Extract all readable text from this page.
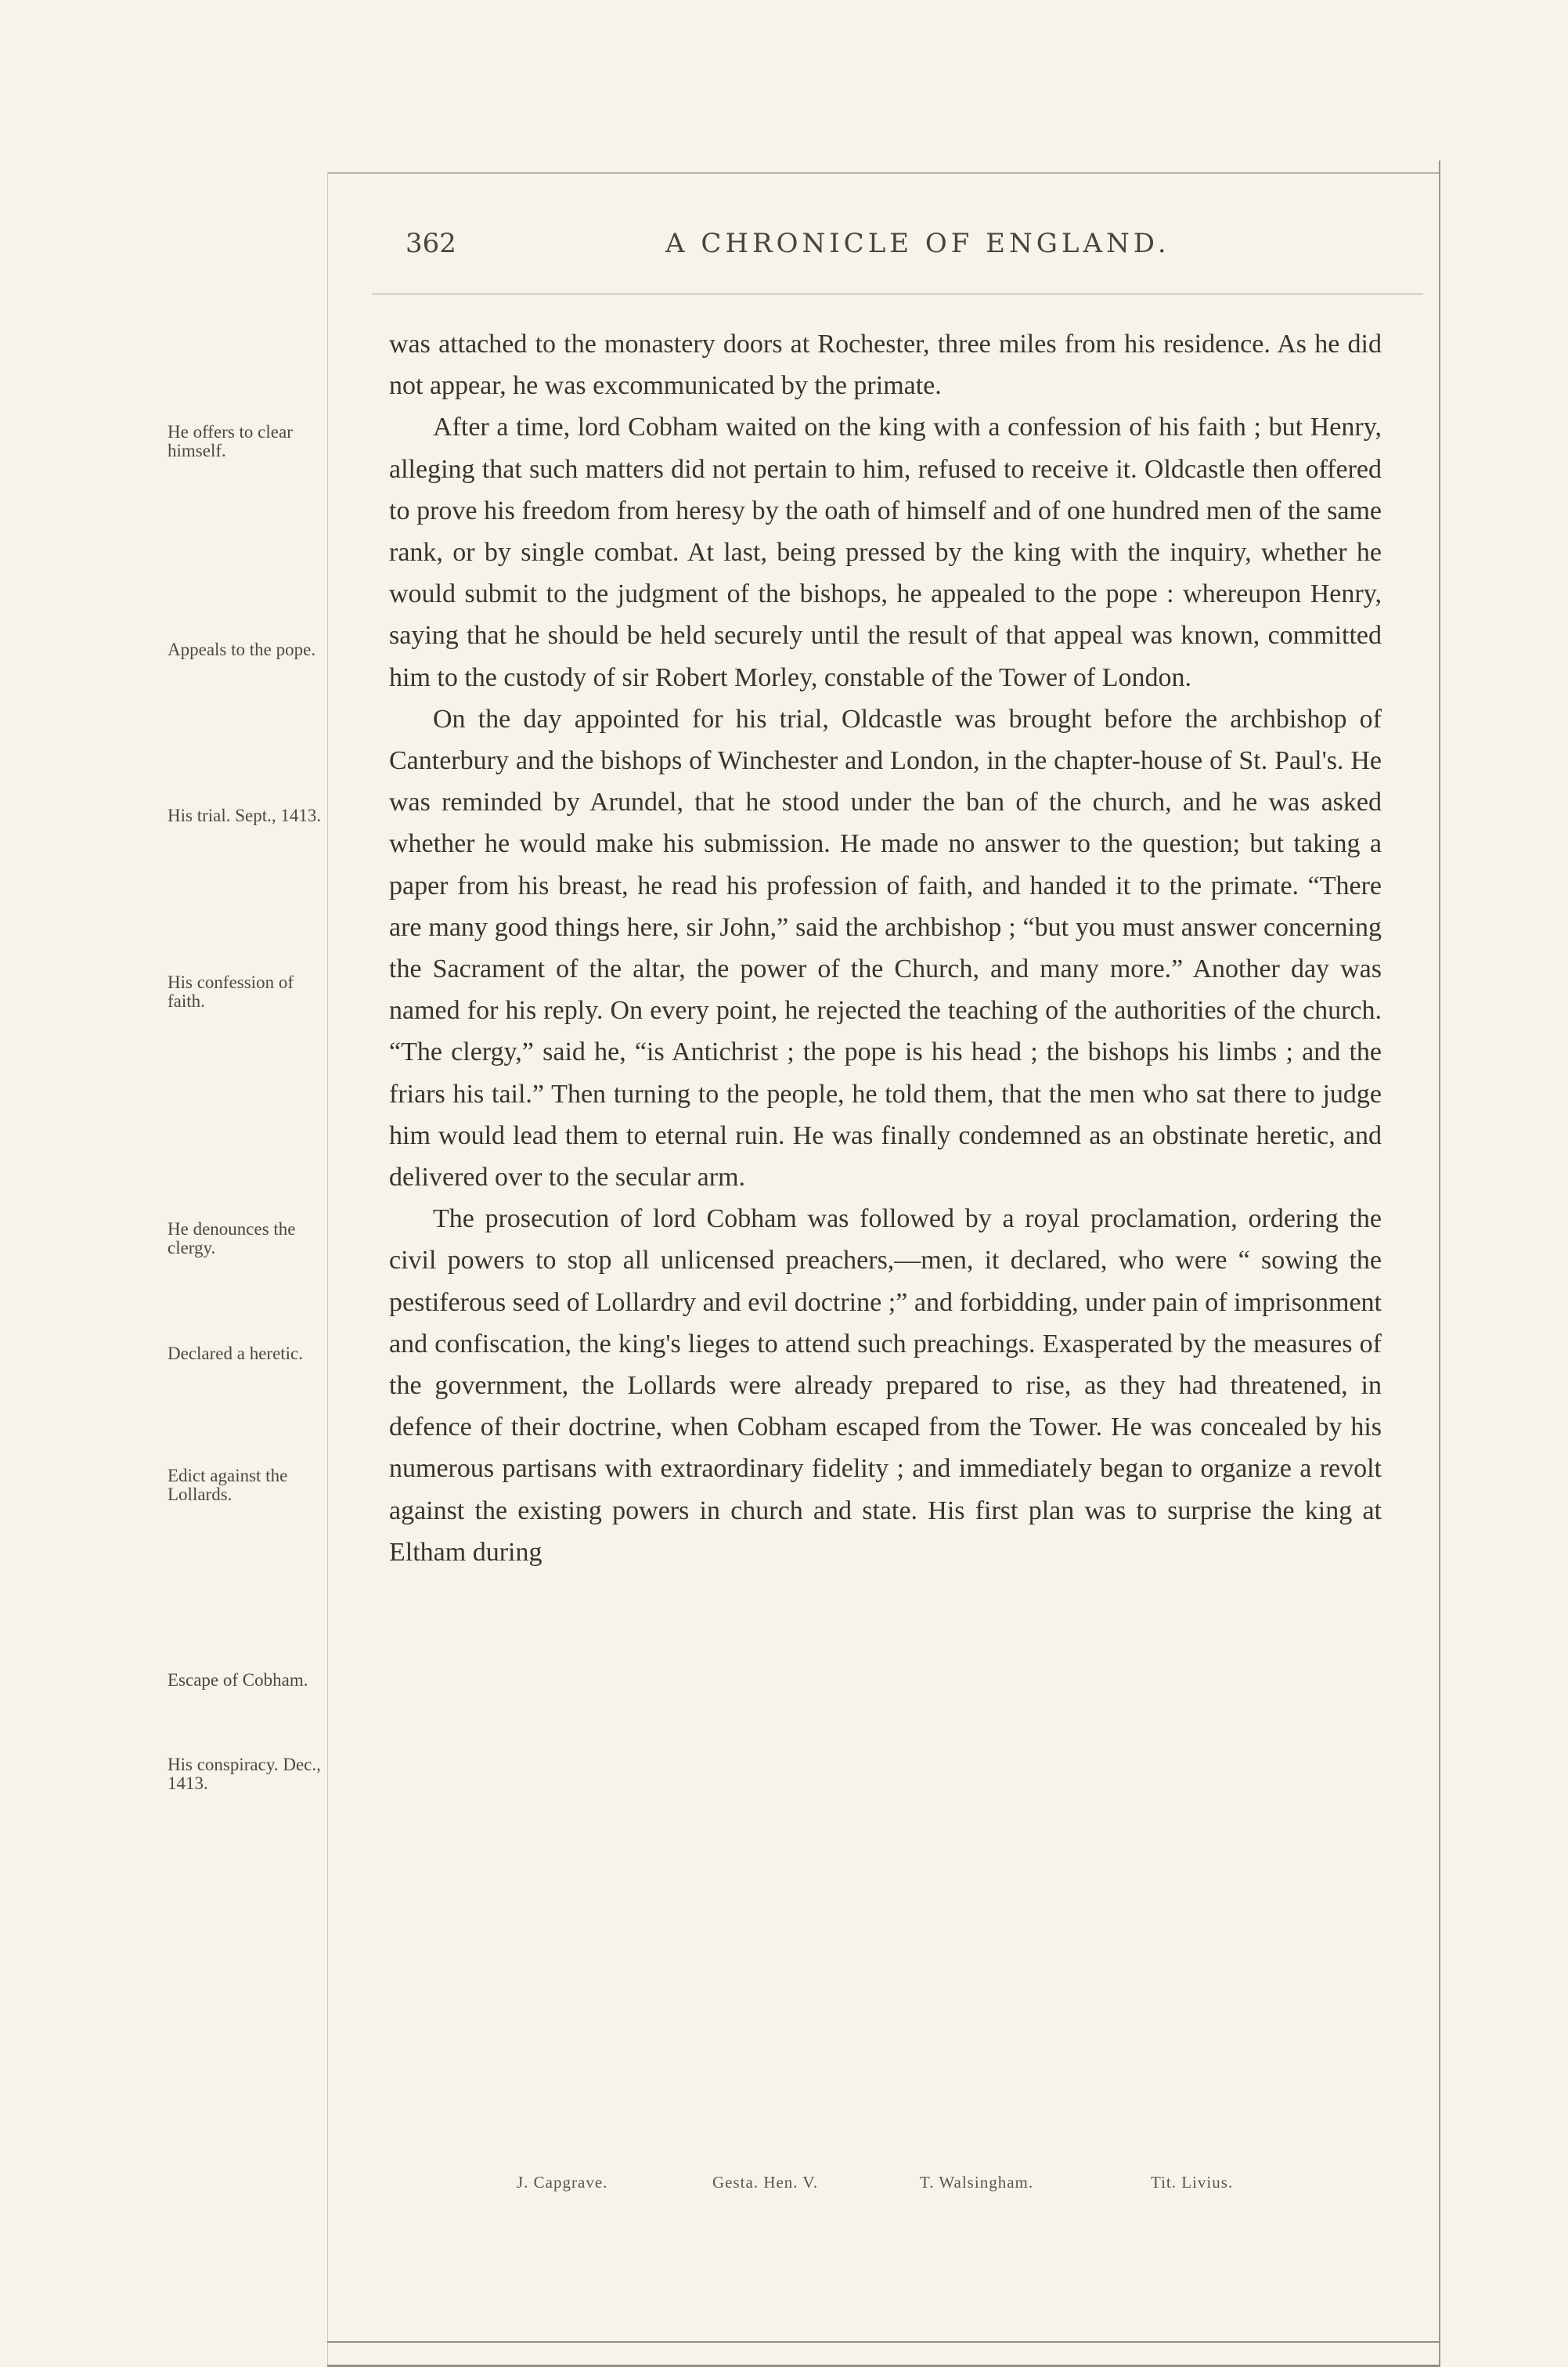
362	A CHRONICLE OF ENGLAND.
He offers to clear himself.
Appeals to the pope.
His trial. Sept., 1413.
His confession of faith.
He denounces the clergy.
Declared a heretic.
Edict against the Lollards.
Escape of Cobham.
His conspiracy. Dec., 1413.

was attached to the monastery doors at Rochester, three miles from his residence. As he did not appear, he was excommunicated by the primate.

After a time, lord Cobham waited on the king with a confession of his faith ; but Henry, alleging that such matters did not pertain to him, refused to receive it. Oldcastle then offered to prove his freedom from heresy by the oath of himself and of one hundred men of the same rank, or by single combat. At last, being pressed by the king with the inquiry, whether he would submit to the judgment of the bishops, he appealed to the pope : whereupon Henry, saying that he should be held securely until the result of that appeal was known, committed him to the custody of sir Robert Morley, constable of the Tower of London.

On the day appointed for his trial, Oldcastle was brought before the archbishop of Canterbury and the bishops of Winchester and London, in the chapter-house of St. Paul's. He was reminded by Arundel, that he stood under the ban of the church, and he was asked whether he would make his submission. He made no answer to the question; but taking a paper from his breast, he read his profession of faith, and handed it to the primate. “There are many good things here, sir John,” said the archbishop ; “but you must answer concerning the Sacrament of the altar, the power of the Church, and many more.” Another day was named for his reply. On every point, he rejected the teaching of the authorities of the church. “The clergy,” said he, “is Antichrist ; the pope is his head ; the bishops his limbs ; and the friars his tail.” Then turning to the people, he told them, that the men who sat there to judge him would lead them to eternal ruin. He was finally condemned as an obstinate heretic, and delivered over to the secular arm.

The prosecution of lord Cobham was followed by a royal proclamation, ordering the civil powers to stop all unlicensed preachers,—men, it declared, who were “ sowing the pestiferous seed of Lollardry and evil doctrine ;” and forbidding, under pain of imprisonment and confiscation, the king's lieges to attend such preachings. Exasperated by the measures of the government, the Lollards were already prepared to rise, as they had threatened, in defence of their doctrine, when Cobham escaped from the Tower. He was concealed by his numerous partisans with extraordinary fidelity ; and immediately began to organize a revolt against the existing powers in church and state. His first plan was to surprise the king at Eltham during

J. Capgrave.	Gesta. Hen. V.	T. Walsingham.	Tit. Livius.
